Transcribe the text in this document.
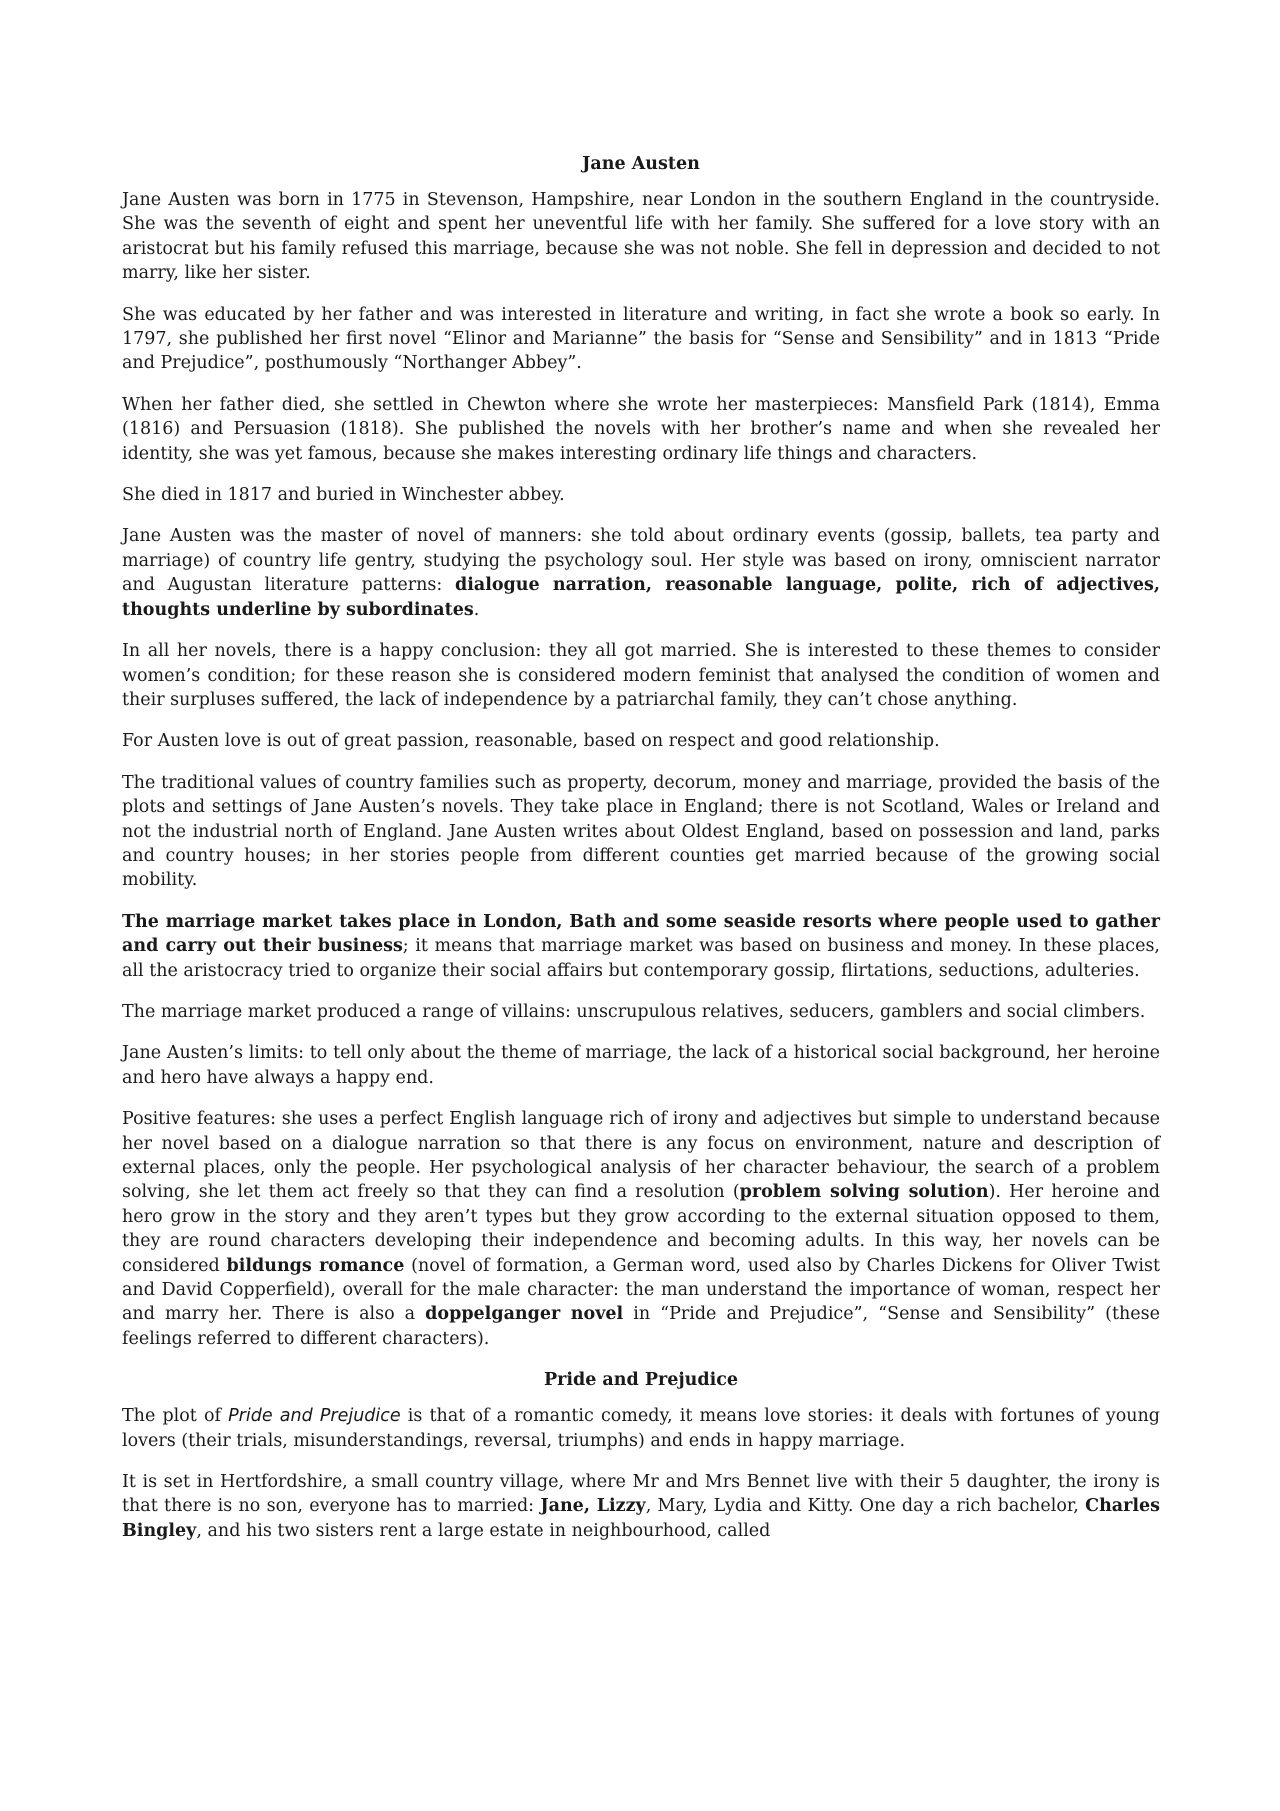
Jane Austen

Jane Austen was born in 1775 in Stevenson, Hampshire, near London in the southern England in the countryside. She was the seventh of eight and spent her uneventful life with her family. She suffered for a love story with an aristocrat but his family refused this marriage, because she was not noble. She fell in depression and decided to not marry, like her sister.

She was educated by her father and was interested in literature and writing, in fact she wrote a book so early. In 1797, she published her first novel “Elinor and Marianne” the basis for “Sense and Sensibility” and in 1813 “Pride and Prejudice”, posthumously “Northanger Abbey”.

When her father died, she settled in Chewton where she wrote her masterpieces: Mansfield Park (1814), Emma (1816) and Persuasion (1818). She published the novels with her brother’s name and when she revealed her identity, she was yet famous, because she makes interesting ordinary life things and characters.

She died in 1817 and buried in Winchester abbey.

Jane Austen was the master of novel of manners: she told about ordinary events (gossip, ballets, tea party and marriage) of country life gentry, studying the psychology soul. Her style was based on irony, omniscient narrator and Augustan literature patterns: dialogue narration, reasonable language, polite, rich of adjectives, thoughts underline by subordinates.

In all her novels, there is a happy conclusion: they all got married. She is interested to these themes to consider women’s condition; for these reason she is considered modern feminist that analysed the condition of women and their surpluses suffered, the lack of independence by a patriarchal family, they can’t chose anything.

For Austen love is out of great passion, reasonable, based on respect and good relationship.

The traditional values of country families such as property, decorum, money and marriage, provided the basis of the plots and settings of Jane Austen’s novels. They take place in England; there is not Scotland, Wales or Ireland and not the industrial north of England. Jane Austen writes about Oldest England, based on possession and land, parks and country houses; in her stories people from different counties get married because of the growing social mobility.

The marriage market takes place in London, Bath and some seaside resorts where people used to gather and carry out their business; it means that marriage market was based on business and money. In these places, all the aristocracy tried to organize their social affairs but contemporary gossip, flirtations, seductions, adulteries.

The marriage market produced a range of villains: unscrupulous relatives, seducers, gamblers and social climbers.

Jane Austen’s limits: to tell only about the theme of marriage, the lack of a historical social background, her heroine and hero have always a happy end.

Positive features: she uses a perfect English language rich of irony and adjectives but simple to understand because her novel based on a dialogue narration so that there is any focus on environment, nature and description of external places, only the people. Her psychological analysis of her character behaviour, the search of a problem solving, she let them act freely so that they can find a resolution (problem solving solution). Her heroine and hero grow in the story and they aren’t types but they grow according to the external situation opposed to them, they are round characters developing their independence and becoming adults. In this way, her novels can be considered bildungs romance (novel of formation, a German word, used also by Charles Dickens for Oliver Twist and David Copperfield), overall for the male character: the man understand the importance of woman, respect her and marry her. There is also a doppelganger novel in “Pride and Prejudice”, “Sense and Sensibility” (these feelings referred to different characters).

Pride and Prejudice

The plot of Pride and Prejudice is that of a romantic comedy, it means love stories: it deals with fortunes of young lovers (their trials, misunderstandings, reversal, triumphs) and ends in happy marriage.

It is set in Hertfordshire, a small country village, where Mr and Mrs Bennet live with their 5 daughter, the irony is that there is no son, everyone has to married: Jane, Lizzy, Mary, Lydia and Kitty. One day a rich bachelor, Charles Bingley, and his two sisters rent a large estate in neighbourhood, called
